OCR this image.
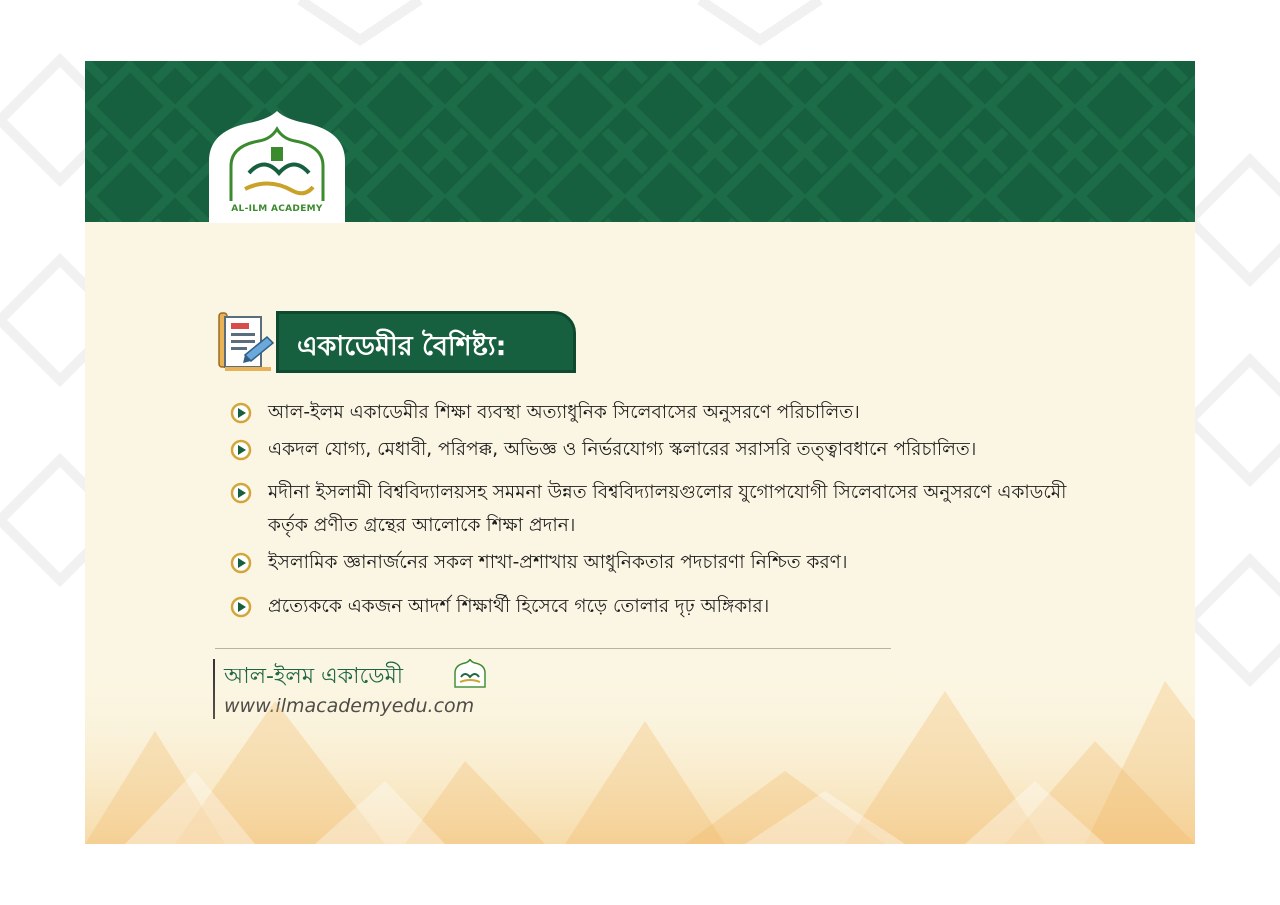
AL-ILM ACADEMY
একাডেমীর বৈশিষ্ট্য:
আল-ইলম একাডেমীর শিক্ষা ব্যবস্থা অত্যাধুনিক সিলেবাসের অনুসরণে পরিচালিত।
একদল যোগ্য, মেধাবী, পরিপক্ক, অভিজ্ঞ ও নির্ভরযোগ্য স্কলারের সরাসরি তত্ত্বাবধানে পরিচালিত।
মদীনা ইসলামী বিশ্ববিদ্যালয়সহ সমমনা উন্নত বিশ্ববিদ্যালয়গুলোর যুগোপযোগী সিলেবাসের অনুসরণে একাডমেী কর্তৃক প্রণীত গ্রন্থের আলোকে শিক্ষা প্রদান।
ইসলামিক জ্ঞানার্জনের সকল শাখা-প্রশাখায় আধুনিকতার পদচারণা নিশ্চিত করণ।
প্রত্যেককে একজন আদর্শ শিক্ষার্থী হিসেবে গড়ে তোলার দৃঢ় অঙ্গিকার।
